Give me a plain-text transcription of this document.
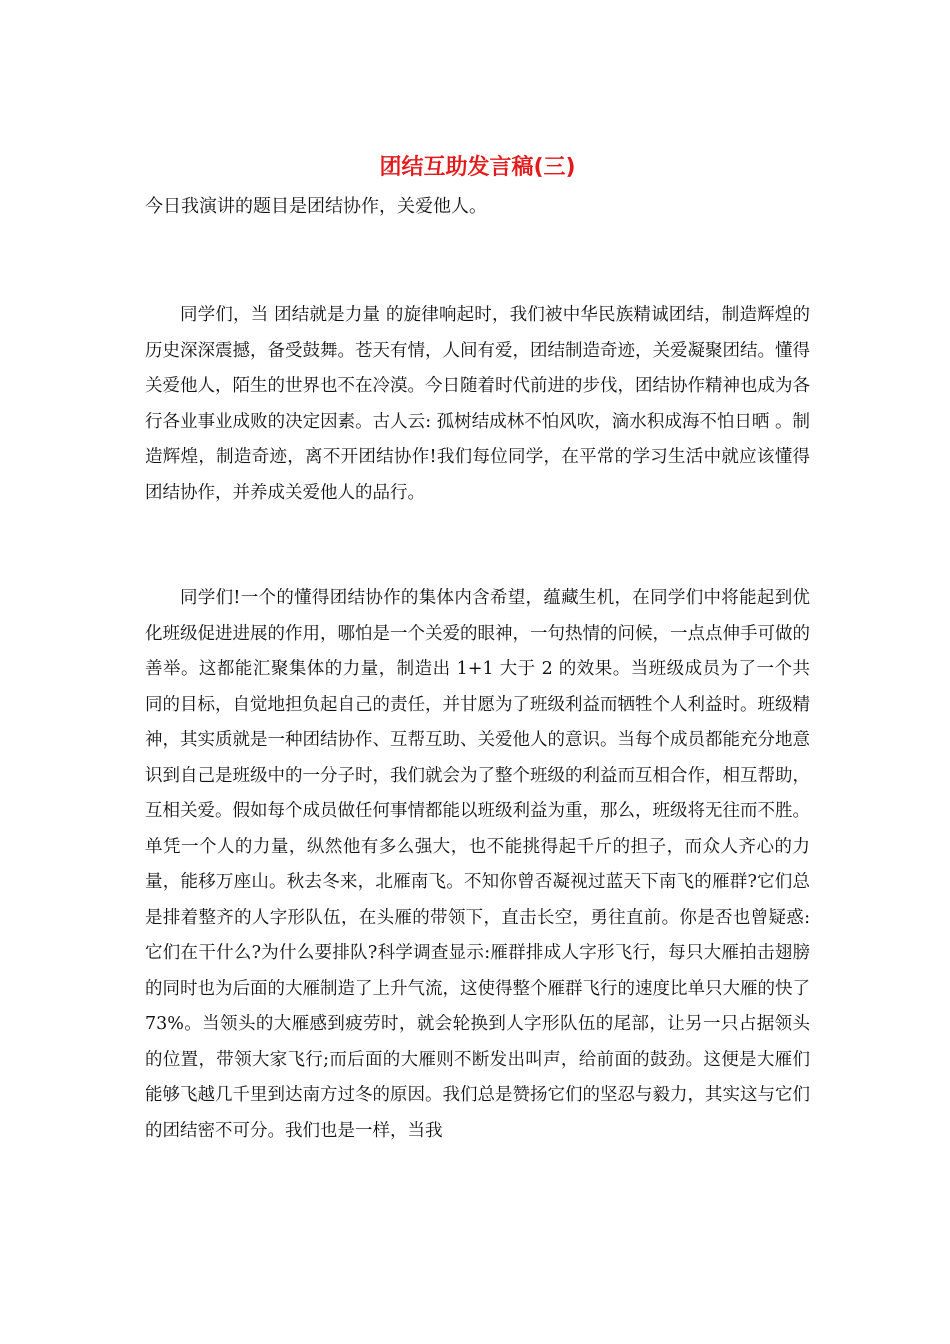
团结互助发言稿(三)

今日我演讲的题目是团结协作，关爱他人。

同学们，当 团结就是力量 的旋律响起时，我们被中华民族精诚团结，制造辉煌的历史深深震撼，备受鼓舞。苍天有情，人间有爱，团结制造奇迹，关爱凝聚团结。懂得关爱他人，陌生的世界也不在冷漠。今日随着时代前进的步伐，团结协作精神也成为各行各业事业成败的决定因素。古人云: 孤树结成林不怕风吹，滴水积成海不怕日晒 。制造辉煌，制造奇迹，离不开团结协作!我们每位同学，在平常的学习生活中就应该懂得团结协作，并养成关爱他人的品行。

同学们!一个的懂得团结协作的集体内含希望，蕴藏生机，在同学们中将能起到优化班级促进进展的作用，哪怕是一个关爱的眼神，一句热情的问候，一点点伸手可做的善举。这都能汇聚集体的力量，制造出 1+1 大于 2 的效果。当班级成员为了一个共同的目标，自觉地担负起自己的责任，并甘愿为了班级利益而牺牲个人利益时。班级精神，其实质就是一种团结协作、互帮互助、关爱他人的意识。当每个成员都能充分地意识到自己是班级中的一分子时，我们就会为了整个班级的利益而互相合作，相互帮助，互相关爱。假如每个成员做任何事情都能以班级利益为重，那么，班级将无往而不胜。单凭一个人的力量，纵然他有多么强大，也不能挑得起千斤的担子，而众人齐心的力量，能移万座山。秋去冬来，北雁南飞。不知你曾否凝视过蓝天下南飞的雁群?它们总是排着整齐的人字形队伍，在头雁的带领下，直击长空，勇往直前。你是否也曾疑惑:它们在干什么?为什么要排队?科学调查显示:雁群排成人字形飞行，每只大雁拍击翅膀的同时也为后面的大雁制造了上升气流，这使得整个雁群飞行的速度比单只大雁的快了 73%。当领头的大雁感到疲劳时，就会轮换到人字形队伍的尾部，让另一只占据领头的位置，带领大家飞行;而后面的大雁则不断发出叫声，给前面的鼓劲。这便是大雁们能够飞越几千里到达南方过冬的原因。我们总是赞扬它们的坚忍与毅力，其实这与它们的团结密不可分。我们也是一样，当我
